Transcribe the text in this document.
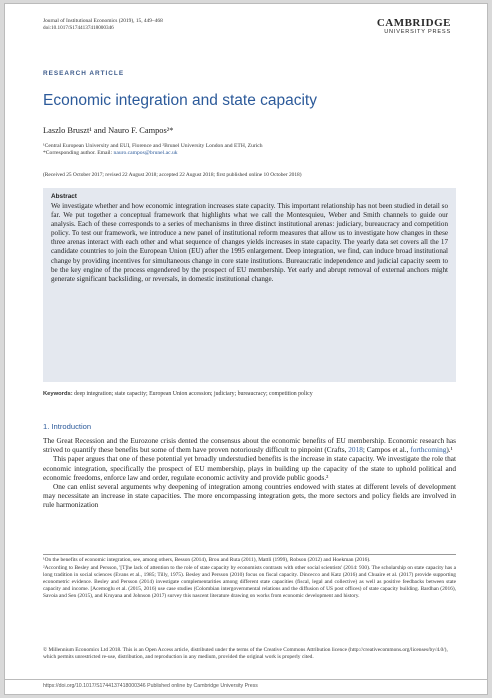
Journal of Institutional Economics (2019), 15, 449–468
doi:10.1017/S1744137418000346	CAMBRIDGE
UNIVERSITY PRESS
RESEARCH ARTICLE
Economic integration and state capacity
Laszlo Bruszt¹ and Nauro F. Campos²*
¹Central European University and EUI, Florence and ²Brunel University London and ETH, Zurich
*Corresponding author. Email: nauro.campos@brunel.ac.uk
(Received 25 October 2017; revised 22 August 2018; accepted 22 August 2018; first published online 10 October 2018)
Abstract
We investigate whether and how economic integration increases state capacity. This important relationship has not been studied in detail so far. We put together a conceptual framework that highlights what we call the Montesquieu, Weber and Smith channels to guide our analysis. Each of these corresponds to a series of mechanisms in three distinct institutional arenas: judiciary, bureaucracy and competition policy. To test our framework, we introduce a new panel of institutional reform measures that allow us to investigate how changes in these three arenas interact with each other and what sequence of changes yields increases in state capacity. The yearly data set covers all the 17 candidate countries to join the European Union (EU) after the 1995 enlargement. Deep integration, we find, can induce broad institutional change by providing incentives for simultaneous change in core state institutions. Bureaucratic independence and judicial capacity seem to be the key engine of the process engendered by the prospect of EU membership. Yet early and abrupt removal of external anchors might generate significant backsliding, or reversals, in domestic institutional change.
Keywords: deep integration; state capacity; European Union accession; judiciary; bureaucracy; competition policy
1. Introduction

The Great Recession and the Eurozone crisis dented the consensus about the economic benefits of EU membership. Economic research has strived to quantify these benefits but some of them have proven notoriously difficult to pinpoint (Crafts, 2018; Campos et al., forthcoming).¹

This paper argues that one of these potential yet broadly understudied benefits is the increase in state capacity. We investigate the role that economic integration, specifically the prospect of EU membership, plays in building up the capacity of the state to uphold political and economic freedoms, enforce law and order, regulate economic activity and provide public goods.²

One can enlist several arguments why deepening of integration among countries endowed with states at different levels of development may necessitate an increase in state capacities. The more encompassing integration gets, the more sectors and policy fields are involved in rule harmonization

¹On the benefits of economic integration, see, among others, Besson (2014), Brou and Ruta (2011), Mattli (1999), Robson (2012) and Hoekman (2016).
²According to Besley and Persson, '[T]he lack of attention to the role of state capacity by economists contrasts with other social scientists' (2014: 930). The scholarship on state capacity has a long tradition in social sciences (Evans et al., 1985; Tilly, 1975). Besley and Persson (2010) focus on fiscal capacity. Dincecco and Katz (2016) and Chuaire et al. (2017) provide supporting econometric evidence. Besley and Persson (2014) investigate complementarities among different state capacities (fiscal, legal and collective) as well as positive feedbacks between state capacity and income. [Acemoglu et al. (2015, 2016) use case studies (Colombian intergovernmental relations and the diffusion of US post offices) of state capacity building. Bardhan (2016), Savoia and Sen (2015), and Kruyana and Johnson (2017) survey this nascent literature drawing on works from economic development and history.
© Millennium Economics Ltd 2018. This is an Open Access article, distributed under the terms of the Creative Commons Attribution licence (http://creativecommons.org/licenses/by/4.0/), which permits unrestricted re-use, distribution, and reproduction in any medium, provided the original work is properly cited.
https://doi.org/10.1017/S1744137418000346 Published online by Cambridge University Press
